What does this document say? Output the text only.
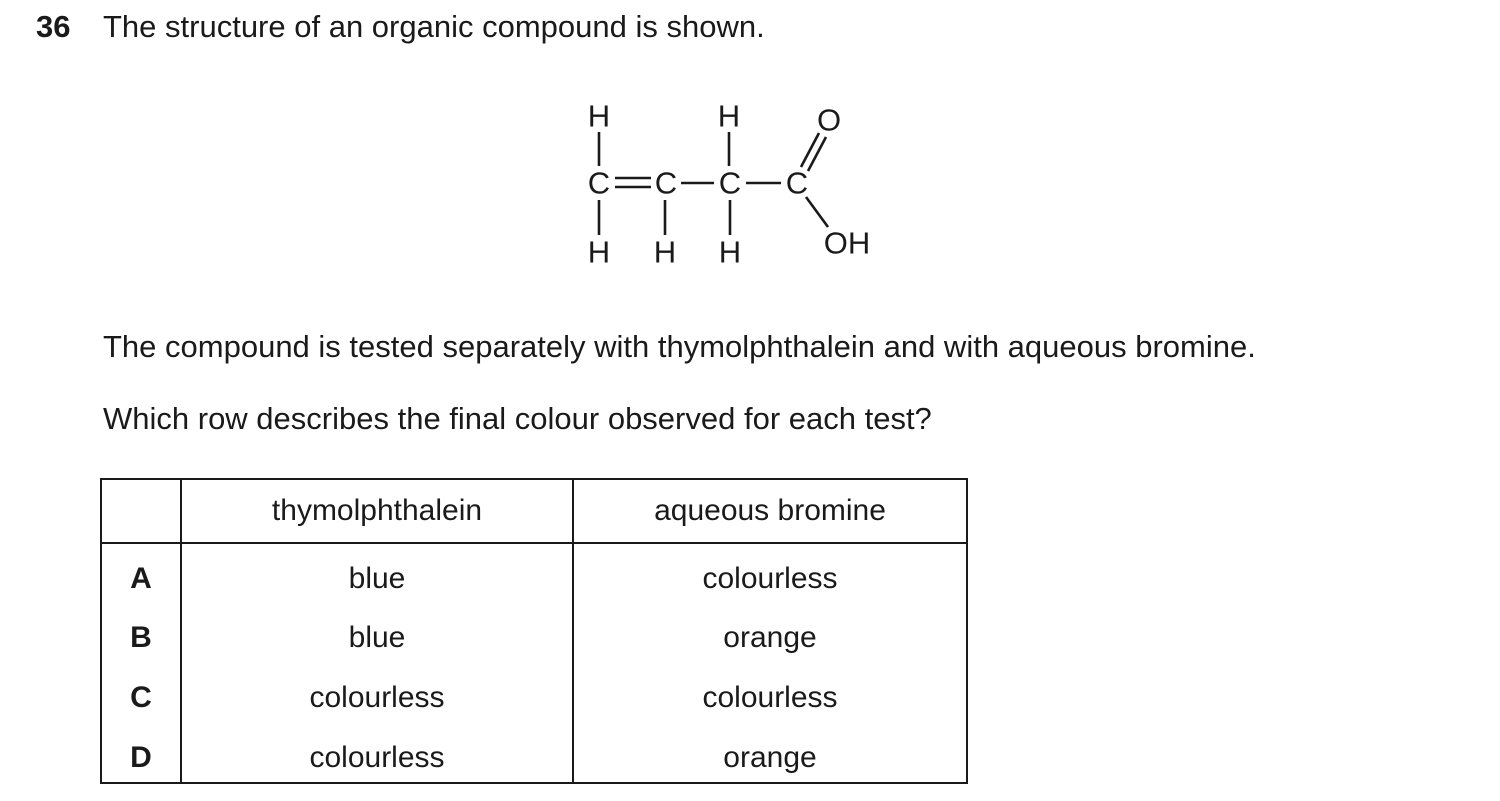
36 The structure of an organic compound is shown.
C C C C
H
H H
H
H
O
OH
The compound is tested separately with thymolphthalein and with aqueous bromine.
Which row describes the final colour observed for each test?
	thymolphthalein	aqueous bromine
A	blue	colourless
B	blue	orange
C	colourless	colourless
D	colourless	orange
